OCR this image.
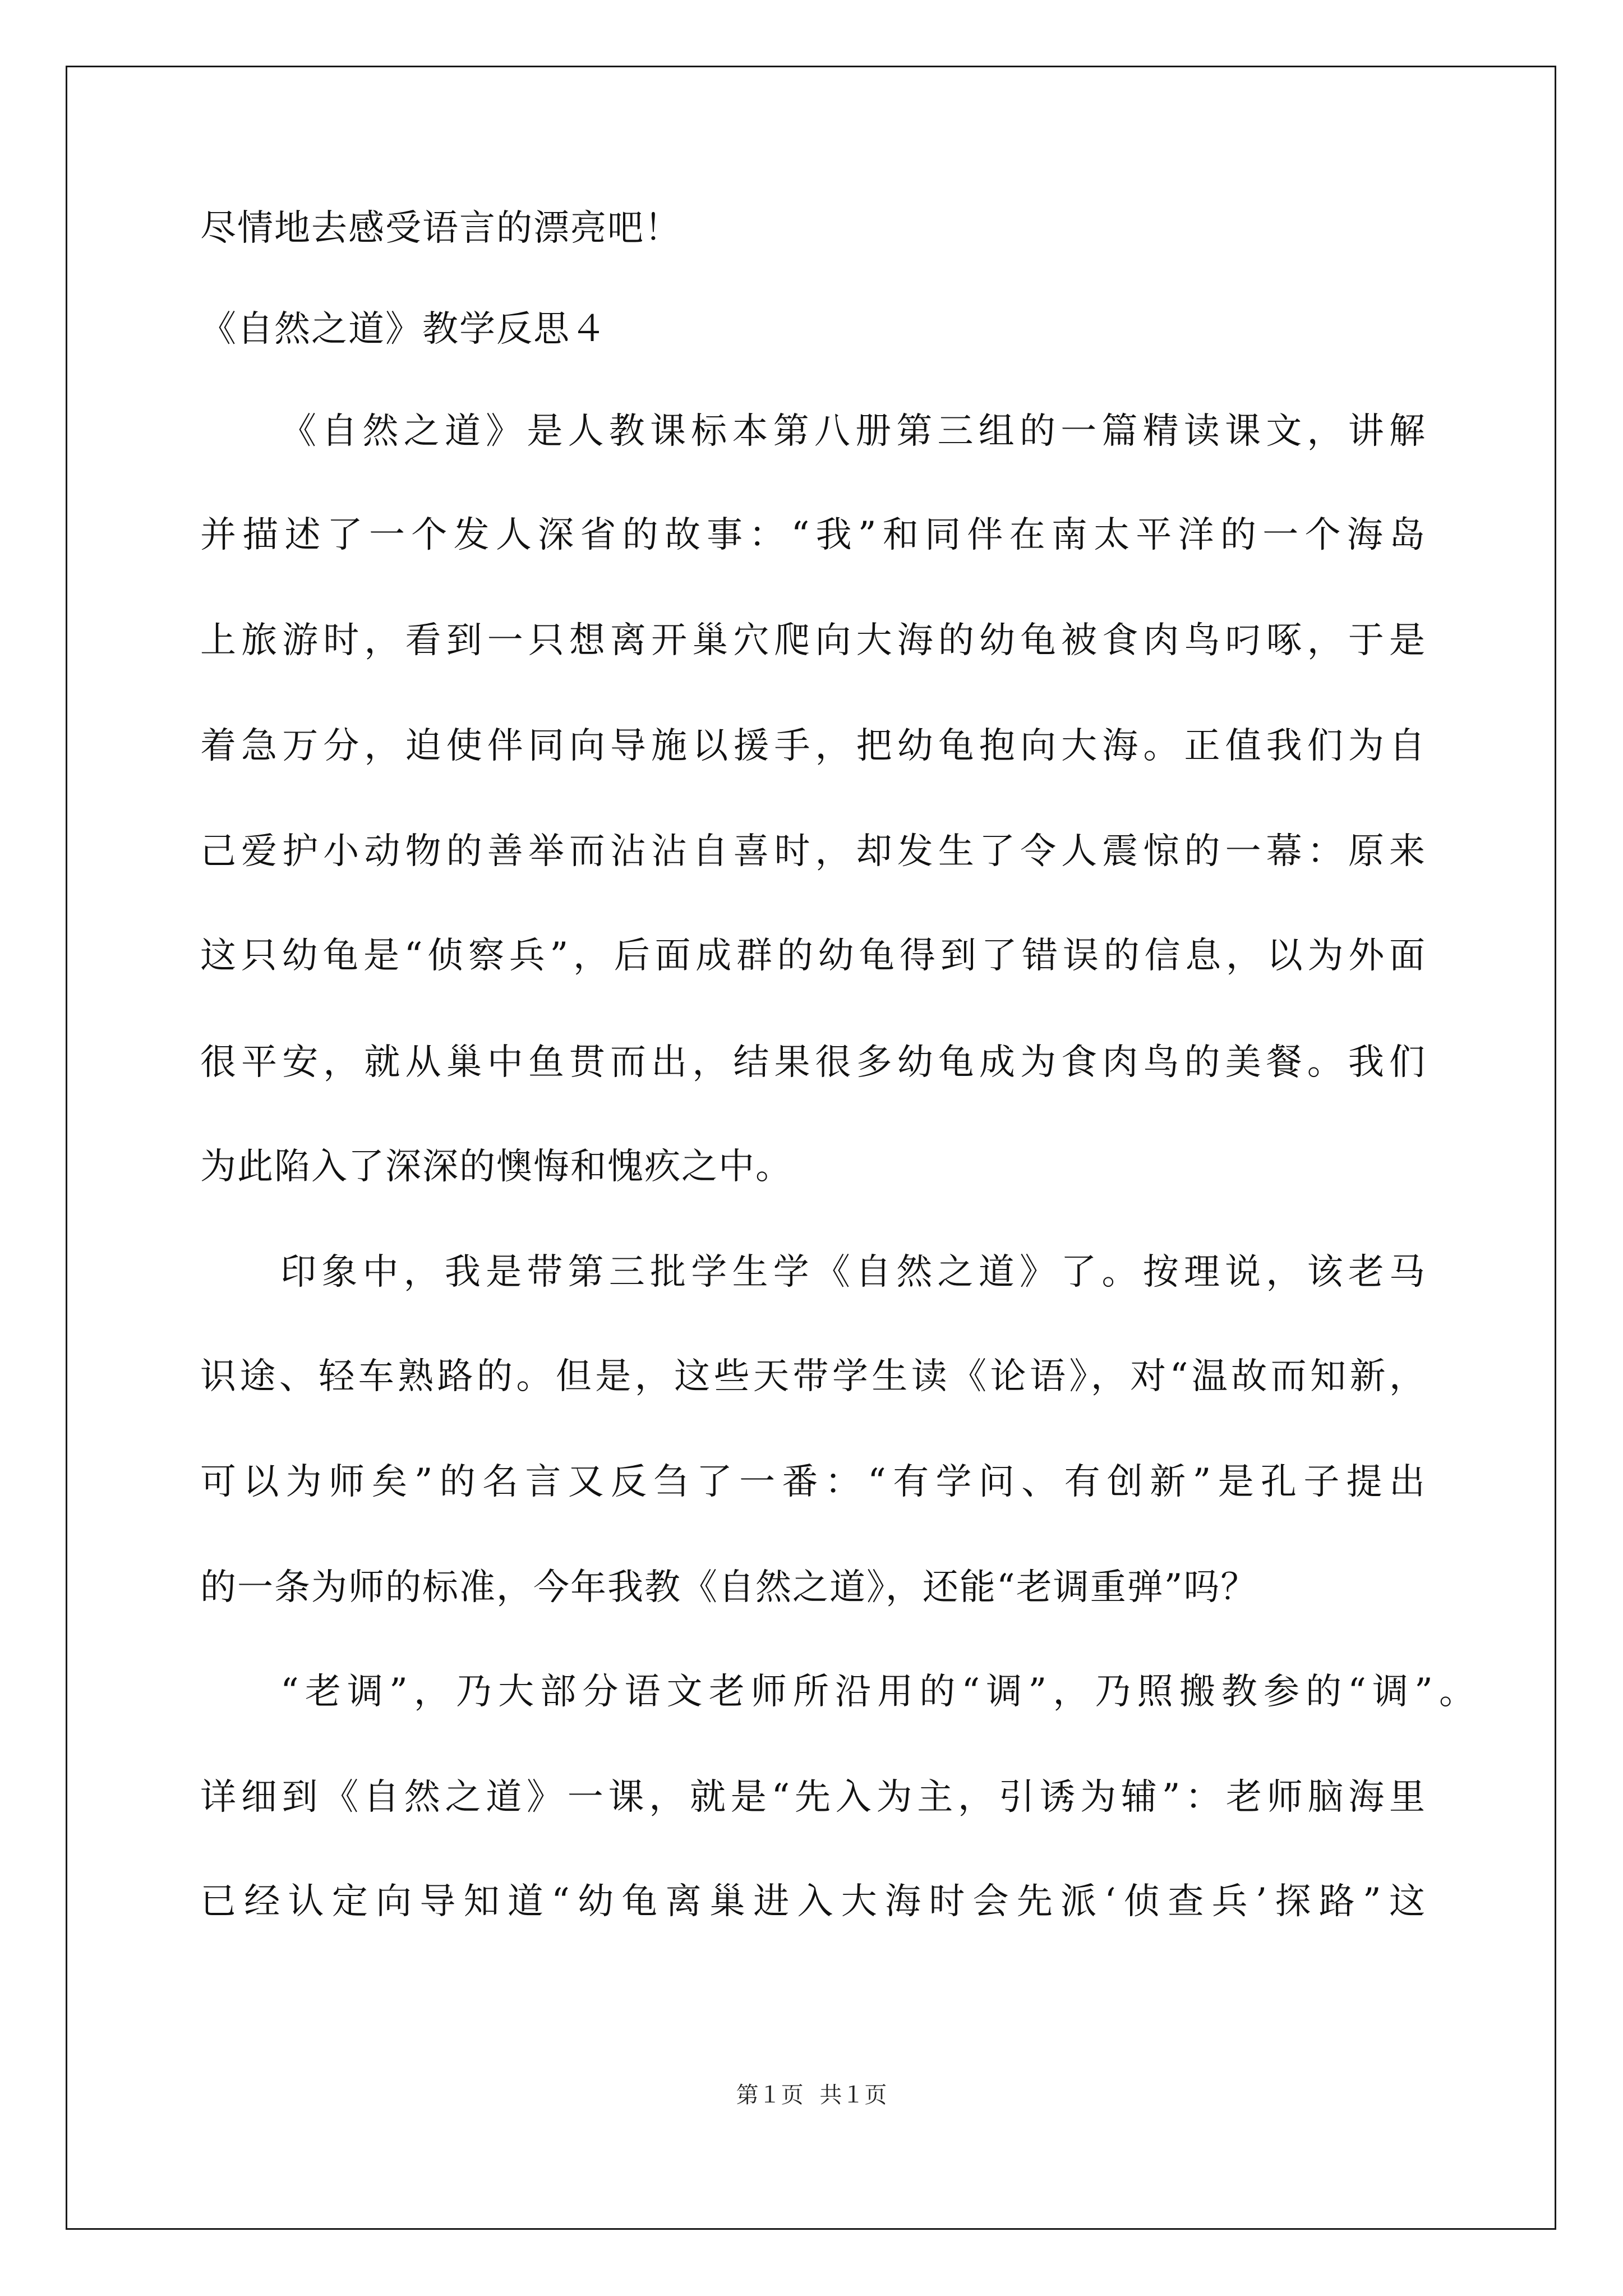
尽情地去感受语言的漂亮吧！
《自然之道》教学反思４
《自然之道》是人教课标本第八册第三组的一篇精读课文，讲解
并描述了一个发人深省的故事：“我”和同伴在南太平洋的一个海岛
上旅游时，看到一只想离开巢穴爬向大海的幼龟被食肉鸟叼啄，于是
着急万分，迫使伴同向导施以援手，把幼龟抱向大海。正值我们为自
己爱护小动物的善举而沾沾自喜时，却发生了令人震惊的一幕：原来
这只幼龟是“侦察兵”，后面成群的幼龟得到了错误的信息，以为外面
很平安，就从巢中鱼贯而出，结果很多幼龟成为食肉鸟的美餐。我们
为此陷入了深深的懊悔和愧疚之中。
印象中，我是带第三批学生学《自然之道》了。按理说，该老马
识途、轻车熟路的。但是，这些天带学生读《论语》，对“温故而知新，
可以为师矣”的名言又反刍了一番：“有学问、有创新”是孔子提出
的一条为师的标准，今年我教《自然之道》，还能“老调重弹”吗？
“老调”，乃大部分语文老师所沿用的“调”，乃照搬教参的“调”。
详细到《自然之道》一课，就是“先入为主，引诱为辅”：老师脑海里
已经认定向导知道“幼龟离巢进入大海时会先派‘侦查兵’探路”这
第１页 共１页
